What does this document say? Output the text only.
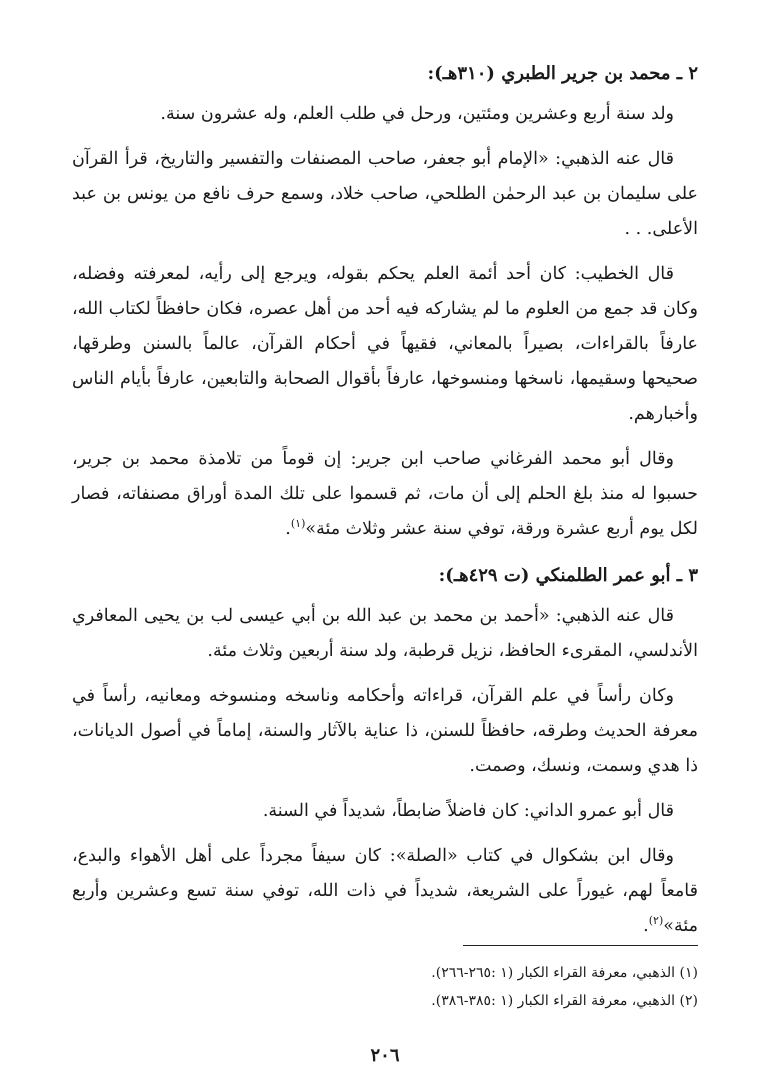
٢ ـ محمد بن جرير الطبري (٣١٠هـ):

ولد سنة أربع وعشرين ومئتين، ورحل في طلب العلم، وله عشرون سنة.

قال عنه الذهبي: «الإمام أبو جعفر، صاحب المصنفات والتفسير والتاريخ، قرأ القرآن على سليمان بن عبد الرحمٰن الطلحي، صاحب خلاد، وسمع حرف نافع من يونس بن عبد الأعلى. . .

قال الخطيب: كان أحد أئمة العلم يحكم بقوله، ويرجع إلى رأيه، لمعرفته وفضله، وكان قد جمع من العلوم ما لم يشاركه فيه أحد من أهل عصره، فكان حافظاً لكتاب الله، عارفاً بالقراءات، بصيراً بالمعاني، فقيهاً في أحكام القرآن، عالماً بالسنن وطرقها، صحيحها وسقيمها، ناسخها ومنسوخها، عارفاً بأقوال الصحابة والتابعين، عارفاً بأيام الناس وأخبارهم.

وقال أبو محمد الفرغاني صاحب ابن جرير: إن قوماً من تلامذة محمد بن جرير، حسبوا له منذ بلغ الحلم إلى أن مات، ثم قسموا على تلك المدة أوراق مصنفاته، فصار لكل يوم أربع عشرة ورقة، توفي سنة عشر وثلاث مئة»$^{(١)}$.

٣ ـ أبو عمر الطلمنكي (ت ٤٢٩هـ):

قال عنه الذهبي: «أحمد بن محمد بن عبد الله بن أبي عيسى لب بن يحيى المعافري الأندلسي، المقرىء الحافظ، نزيل قرطبة، ولد سنة أربعين وثلاث مئة.

وكان رأساً في علم القرآن، قراءاته وأحكامه وناسخه ومنسوخه ومعانيه، رأساً في معرفة الحديث وطرقه، حافظاً للسنن، ذا عناية بالآثار والسنة، إماماً في أصول الديانات، ذا هدي وسمت، ونسك، وصمت.

قال أبو عمرو الداني: كان فاضلاً ضابطاً، شديداً في السنة.

وقال ابن بشكوال في كتاب «الصلة»: كان سيفاً مجرداً على أهل الأهواء والبدع، قامعاً لهم، غيوراً على الشريعة، شديداً في ذات الله، توفي سنة تسع وعشرين وأربع مئة»$^{(٢)}$.

(١) الذهبي، معرفة القراء الكبار (١ :٢٦٥-٢٦٦).

(٢) الذهبي، معرفة القراء الكبار (١ :٣٨٥-٣٨٦).

٢٠٦
